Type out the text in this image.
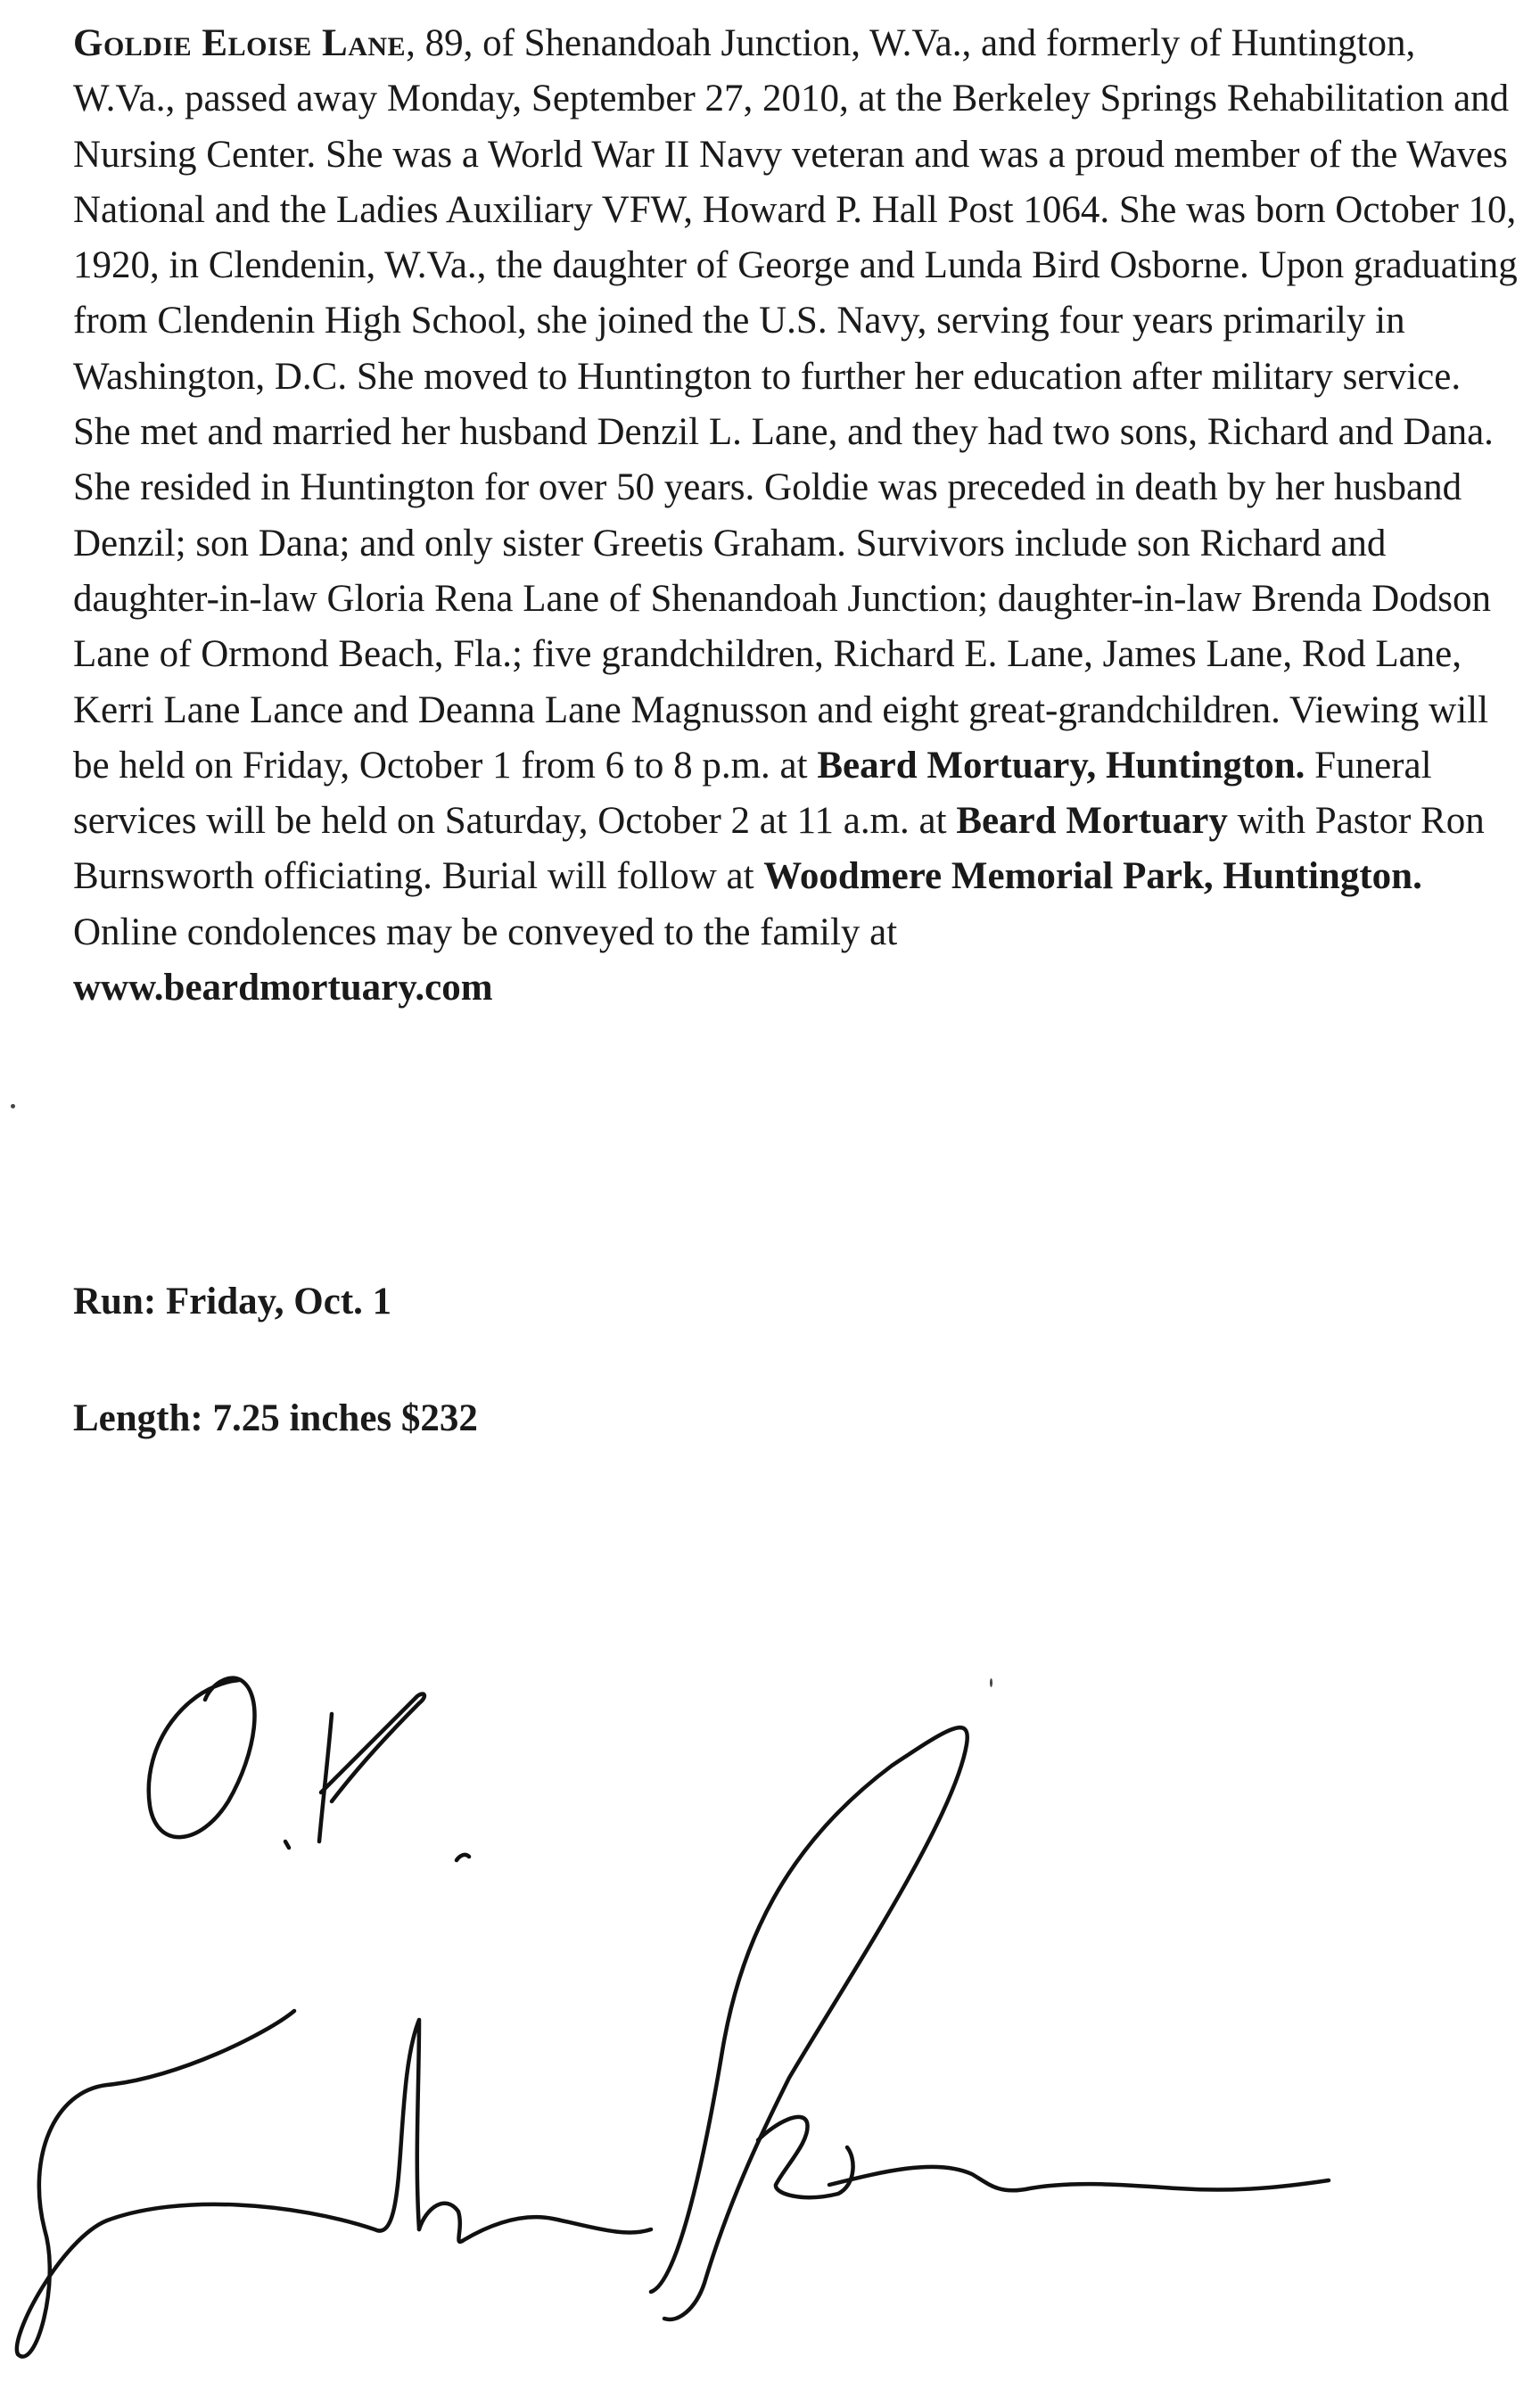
Goldie Eloise Lane, 89, of Shenandoah Junction, W.Va., and formerly of Huntington, W.Va., passed away Monday, September 27, 2010, at the Berkeley Springs Rehabilitation and Nursing Center. She was a World War II Navy veteran and was a proud member of the Waves National and the Ladies Auxiliary VFW, Howard P. Hall Post 1064. She was born October 10, 1920, in Clendenin, W.Va., the daughter of George and Lunda Bird Osborne. Upon graduating from Clendenin High School, she joined the U.S. Navy, serving four years primarily in Washington, D.C. She moved to Huntington to further her education after military service. She met and married her husband Denzil L. Lane, and they had two sons, Richard and Dana. She resided in Huntington for over 50 years. Goldie was preceded in death by her husband Denzil; son Dana; and only sister Greetis Graham. Survivors include son Richard and daughter-in-law Gloria Rena Lane of Shenandoah Junction; daughter-in-law Brenda Dodson Lane of Ormond Beach, Fla.; five grandchildren, Richard E. Lane, James Lane, Rod Lane, Kerri Lane Lance and Deanna Lane Magnusson and eight great-grandchildren. Viewing will be held on Friday, October 1 from 6 to 8 p.m. at Beard Mortuary, Huntington. Funeral services will be held on Saturday, October 2 at 11 a.m. at Beard Mortuary with Pastor Ron Burnsworth officiating. Burial will follow at Woodmere Memorial Park, Huntington. Online condolences may be conveyed to the family at
www.beardmortuary.com

Run: Friday, Oct. 1

Length: 7.25 inches $232
